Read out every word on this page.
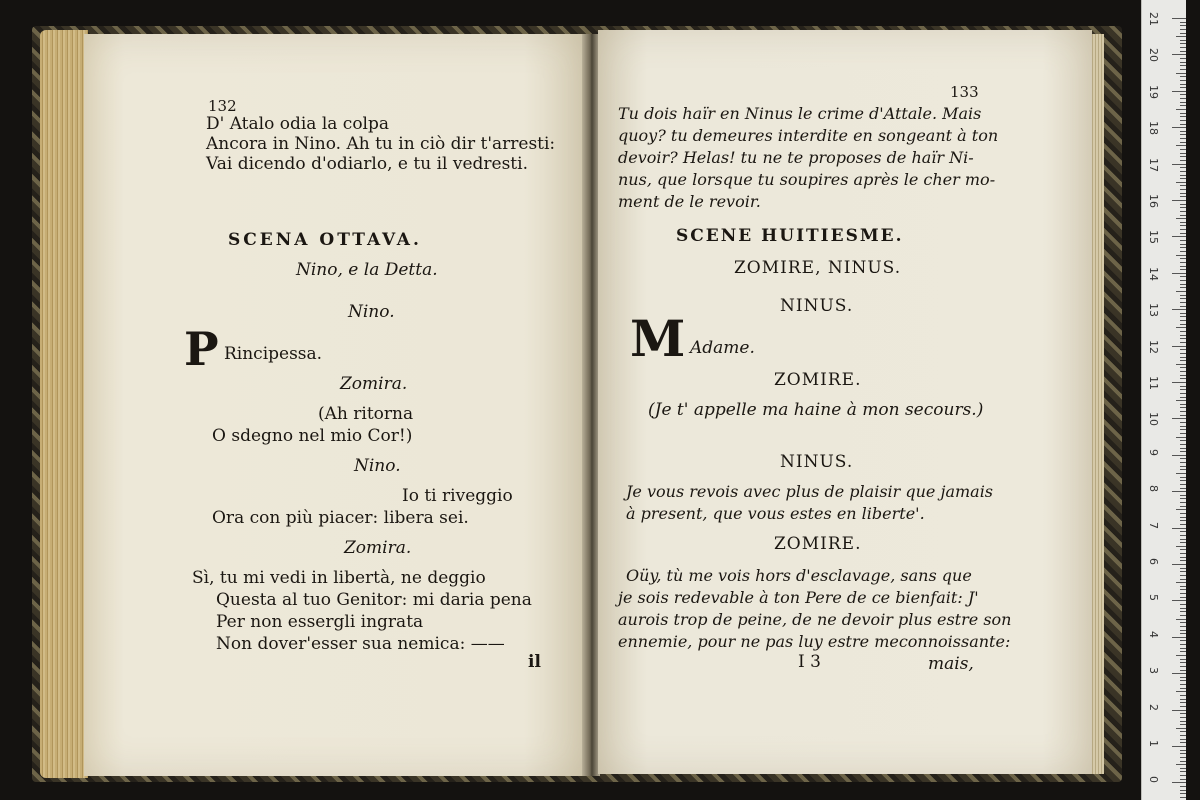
132
D' Atalo odia la colpa
Ancora in Nino. Ah tu in ciò dir t'arresti:
Vai dicendo d'odiarlo, e tu il vedresti.
SCENA OTTAVA.
Nino, e la Detta.
Nino.
P Rincipessa.
Zomira.
(Ah ritorna
O sdegno nel mio Cor!)
Nino.
Io ti riveggio
Ora con più piacer: libera sei.
Zomira.
Sì, tu mi vedi in libertà, ne deggio
Questa al tuo Genitor: mi daria pena
Per non essergli ingrata
Non dover'esser sua nemica: ——
il
133
Tu dois haïr en Ninus le crime d'Attale. Mais
quoy? tu demeures interdite en songeant à ton
devoir? Helas! tu ne te proposes de haïr Ni-
nus, que lorsque tu soupires après le cher mo-
ment de le revoir.
SCENE HUITIESME.
ZOMIRE, NINUS.
NINUS.
M Adame.
ZOMIRE.
(Je t' appelle ma haine à mon secours.)
NINUS.
Je vous revois avec plus de plaisir que jamais
à present, que vous estes en liberte'.
ZOMIRE.
Oüy, tù me vois hors d'esclavage, sans que
je sois redevable à ton Pere de ce bienfait: J'
aurois trop de peine, de ne devoir plus estre son
ennemie, pour ne pas luy estre meconnoissante:
I 3	mais,
21
20
19
18
17
16
15
14
13
12
11
10
9
8
7
6
5
4
3
2
1
0
